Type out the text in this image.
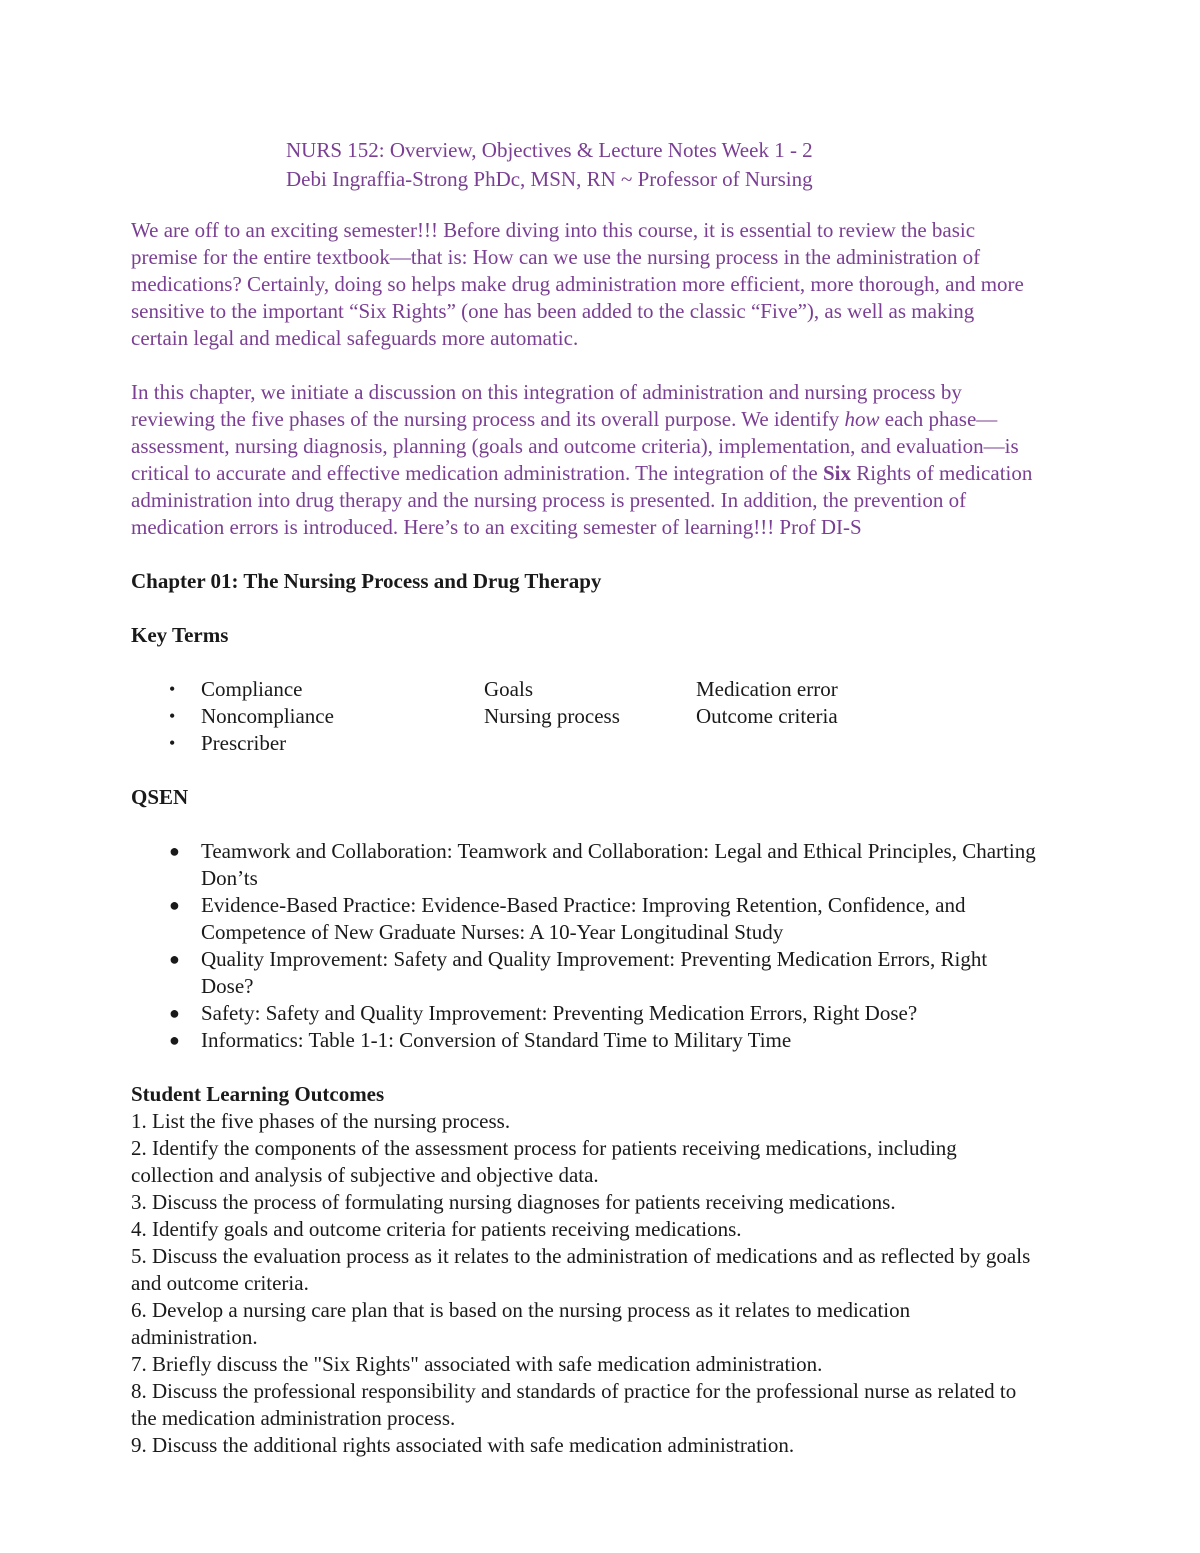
NURS 152: Overview, Objectives & Lecture Notes Week 1 - 2
Debi Ingraffia-Strong PhDc, MSN, RN ~ Professor of Nursing

We are off to an exciting semester!!! Before diving into this course, it is essential to review the basic premise for the entire textbook—that is: How can we use the nursing process in the administration of medications? Certainly, doing so helps make drug administration more efficient, more thorough, and more sensitive to the important “Six Rights” (one has been added to the classic “Five”), as well as making certain legal and medical safeguards more automatic.

In this chapter, we initiate a discussion on this integration of administration and nursing process by reviewing the five phases of the nursing process and its overall purpose. We identify how each phase—assessment, nursing diagnosis, planning (goals and outcome criteria), implementation, and evaluation—is critical to accurate and effective medication administration. The integration of the Six Rights of medication administration into drug therapy and the nursing process is presented. In addition, the prevention of medication errors is introduced. Here’s to an exciting semester of learning!!! Prof DI-S

Chapter 01: The Nursing Process and Drug Therapy
Key Terms
• Compliance	Goals	Medication error
• Noncompliance	Nursing process	Outcome criteria
• Prescriber
QSEN
● Teamwork and Collaboration: Teamwork and Collaboration: Legal and Ethical Principles, Charting Don’ts
● Evidence-Based Practice: Evidence-Based Practice: Improving Retention, Confidence, and Competence of New Graduate Nurses: A 10-Year Longitudinal Study
● Quality Improvement: Safety and Quality Improvement: Preventing Medication Errors, Right Dose?
● Safety: Safety and Quality Improvement: Preventing Medication Errors, Right Dose?
● Informatics: Table 1-1: Conversion of Standard Time to Military Time
Student Learning Outcomes
1. List the five phases of the nursing process.
2. Identify the components of the assessment process for patients receiving medications, including collection and analysis of subjective and objective data.
3. Discuss the process of formulating nursing diagnoses for patients receiving medications.
4. Identify goals and outcome criteria for patients receiving medications.
5. Discuss the evaluation process as it relates to the administration of medications and as reflected by goals and outcome criteria.
6. Develop a nursing care plan that is based on the nursing process as it relates to medication administration.
7. Briefly discuss the "Six Rights" associated with safe medication administration.
8. Discuss the professional responsibility and standards of practice for the professional nurse as related to the medication administration process.
9. Discuss the additional rights associated with safe medication administration.
